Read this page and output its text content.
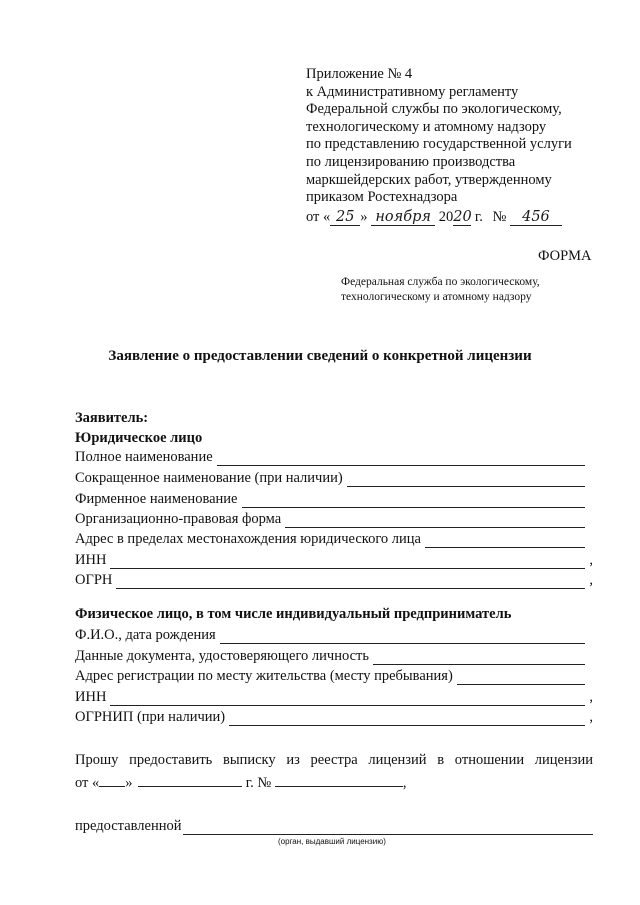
Приложение № 4
к Административному регламенту
Федеральной службы по экологическому,
технологическому и атомному надзору
по представлению государственной услуги
по лицензированию производства
маркшейдерских работ, утвержденному
приказом Ростехнадзора
от « 25 » ноября 2020 г. № 456
ФОРМА
Федеральная служба по экологическому,
технологическому и атомному надзору
Заявление о предоставлении сведений о конкретной лицензии
Заявитель:
Юридическое лицо
Полное наименование
Сокращенное наименование (при наличии)
Фирменное наименование
Организационно-правовая форма
Адрес в пределах местонахождения юридического лица
ИНН	,
ОГРН	,
Физическое лицо, в том числе индивидуальный предприниматель
Ф.И.О., дата рождения
Данные документа, удостоверяющего личность
Адрес регистрации по месту жительства (месту пребывания)
ИНН	,
ОГРНИП (при наличии)	,
Прошу предоставить выписку из реестра лицензий в отношении лицензии
от « »	г. №	,
предоставленной
(орган, выдавший лицензию)
